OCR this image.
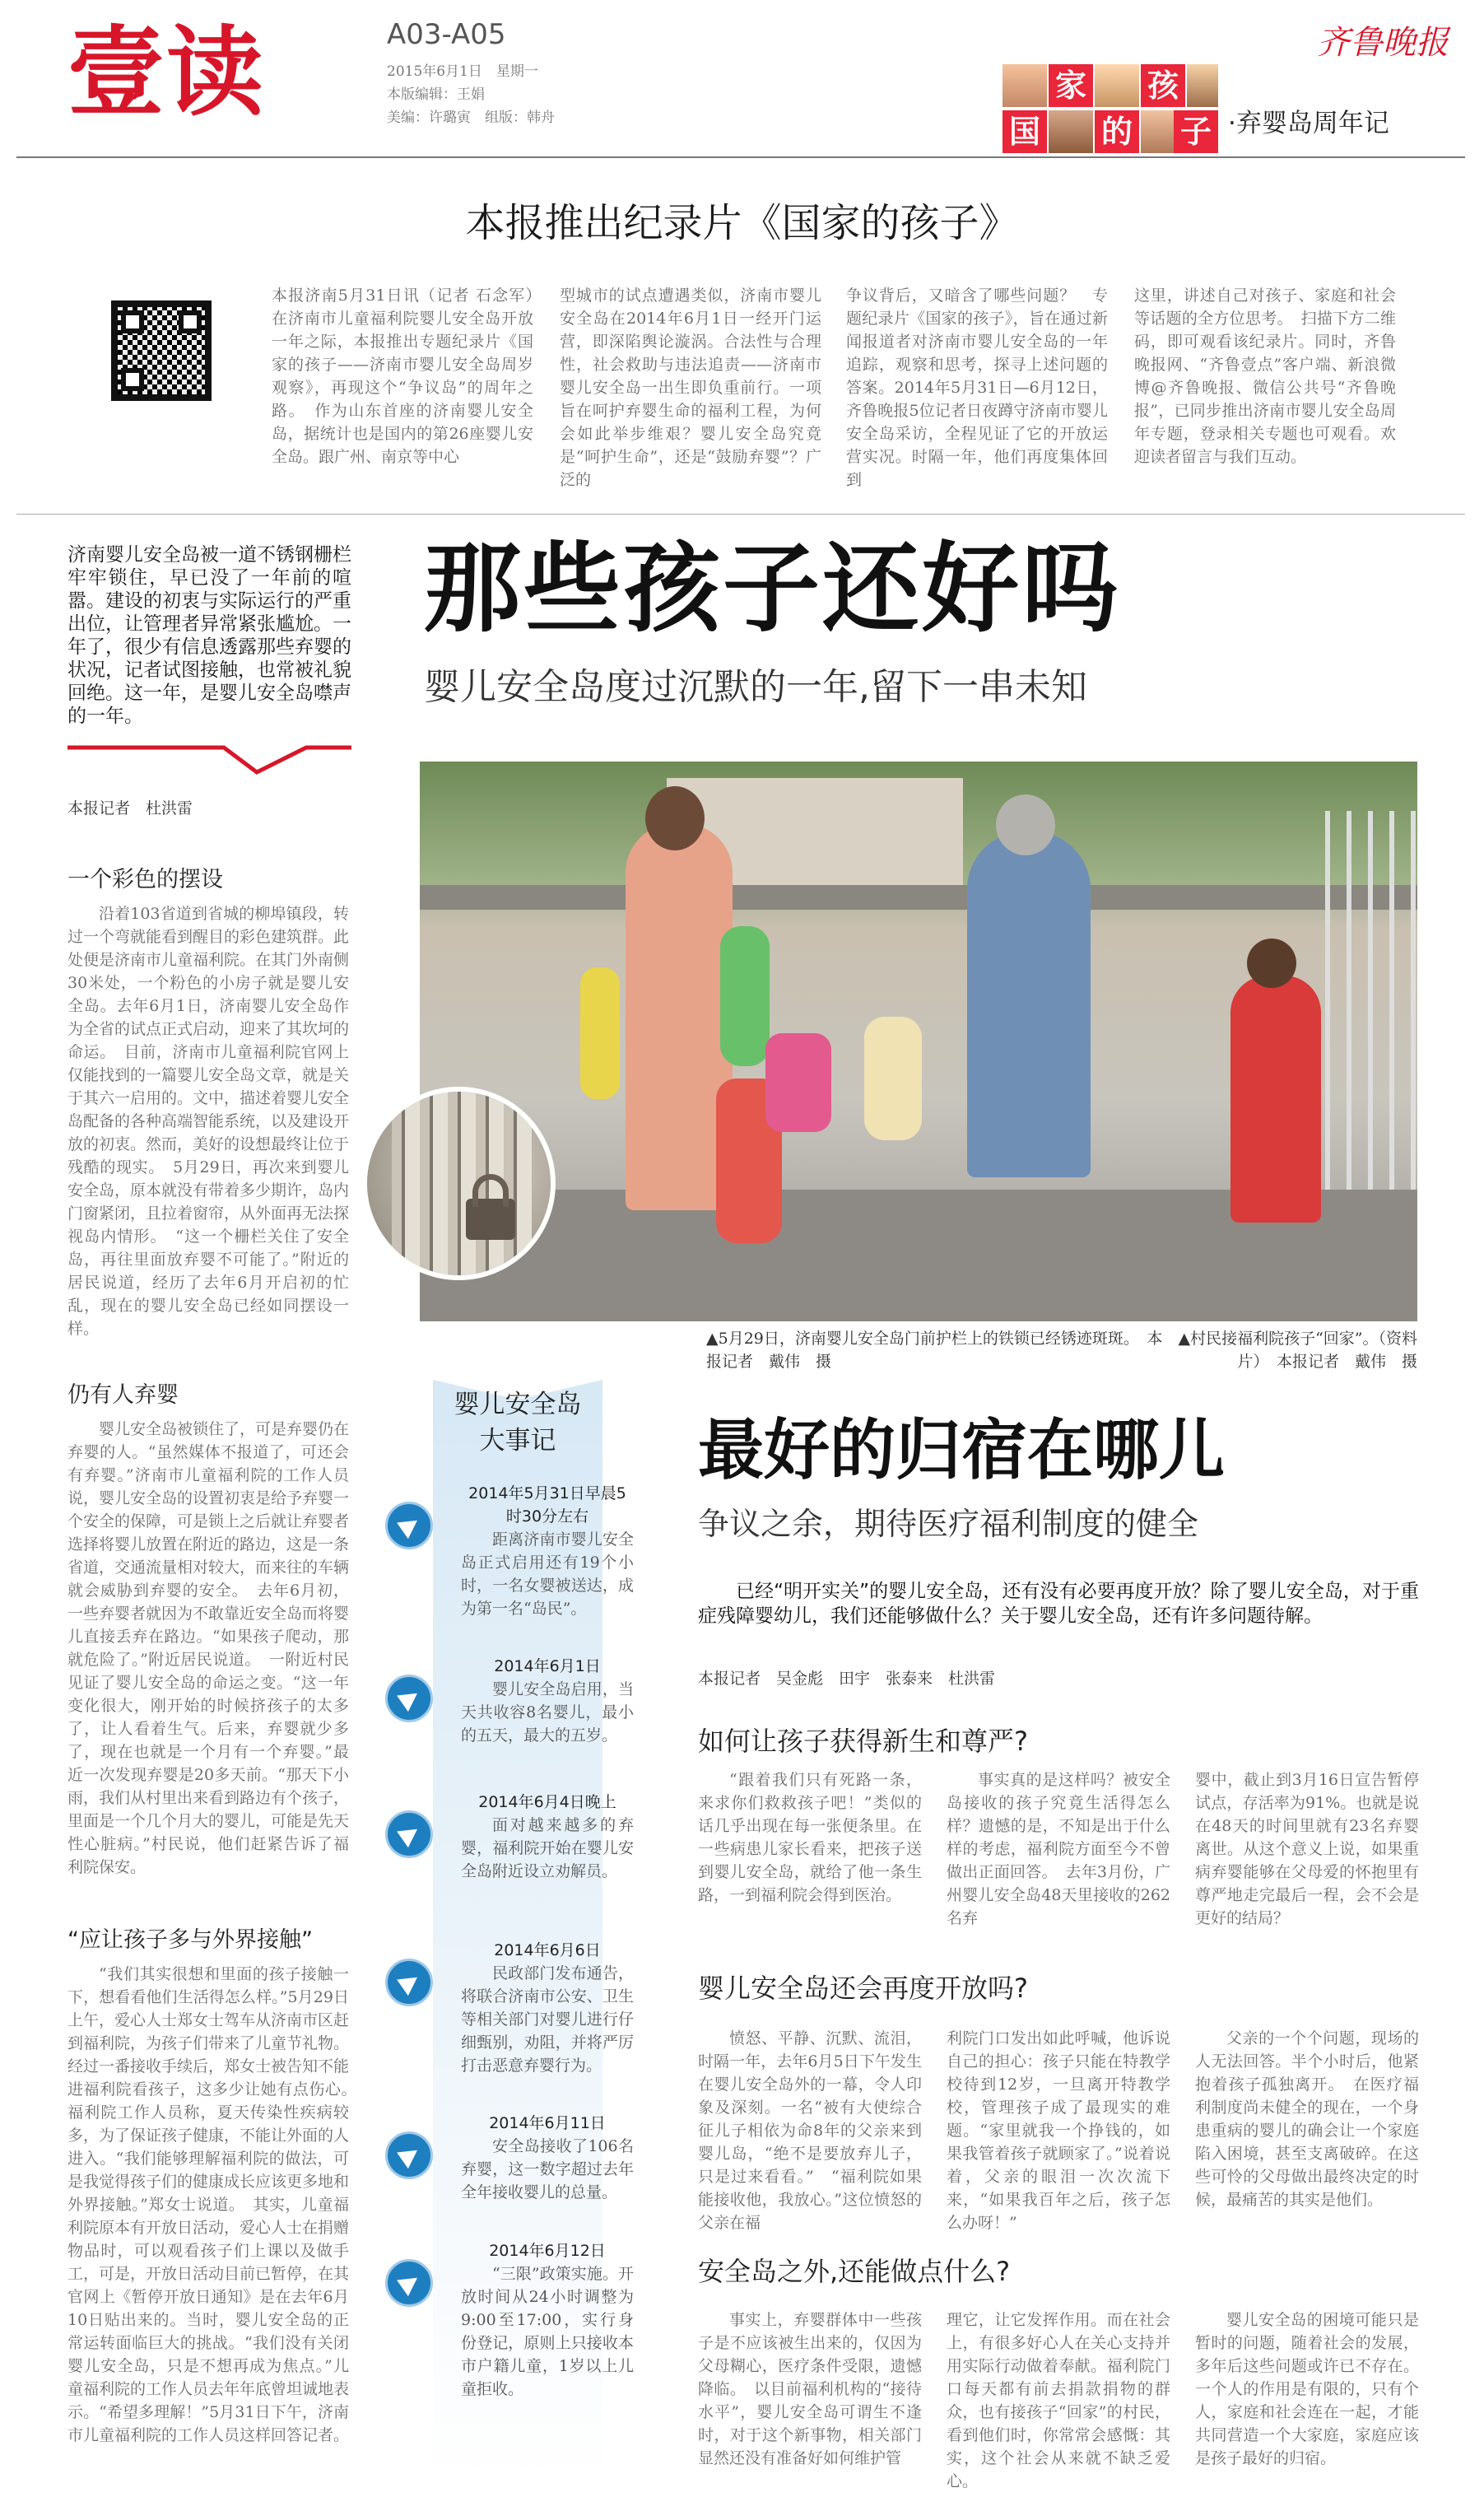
壹读	A03-A05
2015年6月1日　星期一
本版编辑：王娟
美编：许璐寅　组版：韩舟
齐鲁晚报
家 孩
国 的 子 ·弃婴岛周年记
本报推出纪录片《国家的孩子》
本报济南5月31日讯（记者 石念军）　在济南市儿童福利院婴儿安全岛开放一年之际，本报推出专题纪录片《国家的孩子——济南市婴儿安全岛周岁观察》，再现这个“争议岛”的周年之路。　作为山东首座的济南婴儿安全岛，据统计也是国内的第26座婴儿安全岛。跟广州、南京等中心
型城市的试点遭遇类似，济南市婴儿安全岛在2014年6月1日一经开门运营，即深陷舆论漩涡。合法性与合理性，社会救助与违法追责——济南市婴儿安全岛一出生即负重前行。一项旨在呵护弃婴生命的福利工程，为何会如此举步维艰？婴儿安全岛究竟是“呵护生命”，还是“鼓励弃婴”？广泛的
争议背后，又暗含了哪些问题？　专题纪录片《国家的孩子》，旨在通过新闻报道者对济南市婴儿安全岛的一年追踪，观察和思考，探寻上述问题的答案。2014年5月31日—6月12日，齐鲁晚报5位记者日夜蹲守济南市婴儿安全岛采访，全程见证了它的开放运营实况。时隔一年，他们再度集体回到
这里，讲述自己对孩子、家庭和社会等话题的全方位思考。　扫描下方二维码，即可观看该纪录片。同时，齐鲁晚报网、“齐鲁壹点”客户端、新浪微博@齐鲁晚报、微信公共号“齐鲁晚报”，已同步推出济南市婴儿安全岛周年专题，登录相关专题也可观看。欢迎读者留言与我们互动。
济南婴儿安全岛被一道不锈钢栅栏牢牢锁住，早已没了一年前的喧嚣。建设的初衷与实际运行的严重出位，让管理者异常紧张尴尬。一年了，很少有信息透露那些弃婴的状况，记者试图接触，也常被礼貌回绝。这一年，是婴儿安全岛噤声的一年。
那些孩子还好吗
婴儿安全岛度过沉默的一年,留下一串未知
本报记者　杜洪雷
一个彩色的摆设

沿着103省道到省城的柳埠镇段，转过一个弯就能看到醒目的彩色建筑群。此处便是济南市儿童福利院。在其门外南侧30米处，一个粉色的小房子就是婴儿安全岛。去年6月1日，济南婴儿安全岛作为全省的试点正式启动，迎来了其坎坷的命运。　目前，济南市儿童福利院官网上仅能找到的一篇婴儿安全岛文章，就是关于其六一启用的。文中，描述着婴儿安全岛配备的各种高端智能系统，以及建设开放的初衷。然而，美好的设想最终让位于残酷的现实。　5月29日，再次来到婴儿安全岛，原本就没有带着多少期许，岛内门窗紧闭，且拉着窗帘，从外面再无法探视岛内情形。　“这一个栅栏关住了安全岛，再往里面放弃婴不可能了。”附近的居民说道，经历了去年6月开启初的忙乱，现在的婴儿安全岛已经如同摆设一样。

仍有人弃婴

婴儿安全岛被锁住了，可是弃婴仍在弃婴的人。“虽然媒体不报道了，可还会有弃婴。”济南市儿童福利院的工作人员说，婴儿安全岛的设置初衷是给予弃婴一个安全的保障，可是锁上之后就让弃婴者选择将婴儿放置在附近的路边，这是一条省道，交通流量相对较大，而来往的车辆就会威胁到弃婴的安全。　去年6月初，一些弃婴者就因为不敢靠近安全岛而将婴儿直接丢弃在路边。“如果孩子爬动，那就危险了。”附近居民说道。　一附近村民见证了婴儿安全岛的命运之变。“这一年变化很大，刚开始的时候挤孩子的太多了，让人看着生气。后来，弃婴就少多了，现在也就是一个月有一个弃婴。”最近一次发现弃婴是20多天前。“那天下小雨，我们从村里出来看到路边有个孩子，里面是一个几个月大的婴儿，可能是先天性心脏病。”村民说，他们赶紧告诉了福利院保安。

“应让孩子多与外界接触”

“我们其实很想和里面的孩子接触一下，想看看他们生活得怎么样。”5月29日上午，爱心人士郑女士驾车从济南市区赶到福利院，为孩子们带来了儿童节礼物。经过一番接收手续后，郑女士被告知不能进福利院看孩子，这多少让她有点伤心。　福利院工作人员称，夏天传染性疾病较多，为了保证孩子健康，不能让外面的人进入。“我们能够理解福利院的做法，可是我觉得孩子们的健康成长应该更多地和外界接触。”郑女士说道。　其实，儿童福利院原本有开放日活动，爱心人士在捐赠物品时，可以观看孩子们上课以及做手工，可是，开放日活动目前已暂停，在其官网上《暂停开放日通知》是在去年6月10日贴出来的。当时，婴儿安全岛的正常运转面临巨大的挑战。“我们没有关闭婴儿安全岛，只是不想再成为焦点。”儿童福利院的工作人员去年年底曾坦诚地表示。“希望多理解！”5月31日下午，济南市儿童福利院的工作人员这样回答记者。

▲5月29日，济南婴儿安全岛门前护栏上的铁锁已经锈迹斑斑。　本报记者　戴伟　摄
▲村民接福利院孩子“回家”。（资料片）　本报记者　戴伟　摄
婴儿安全岛
大事记
2014年5月31日早晨5时30分左右

距离济南市婴儿安全岛正式启用还有19个小时，一名女婴被送达，成为第一名“岛民”。

2014年6月1日

婴儿安全岛启用，当天共收容8名婴儿，最小的五天，最大的五岁。

2014年6月4日晚上

面对越来越多的弃婴，福利院开始在婴儿安全岛附近设立劝解员。

2014年6月6日

民政部门发布通告，将联合济南市公安、卫生等相关部门对婴儿进行仔细甄别，劝阻，并将严厉打击恶意弃婴行为。

2014年6月11日

安全岛接收了106名弃婴，这一数字超过去年全年接收婴儿的总量。

2014年6月12日

“三限”政策实施。开放时间从24小时调整为9:00至17:00，实行身份登记，原则上只接收本市户籍儿童，1岁以上儿童拒收。

最好的归宿在哪儿
争议之余，期待医疗福利制度的健全
已经“明开实关”的婴儿安全岛，还有没有必要再度开放？除了婴儿安全岛，对于重症残障婴幼儿，我们还能够做什么？关于婴儿安全岛，还有许多问题待解。
本报记者　吴金彪　田宇　张泰来　杜洪雷
如何让孩子获得新生和尊严?

“跟着我们只有死路一条，来求你们救救孩子吧！”类似的话几乎出现在每一张便条里。在一些病患儿家长看来，把孩子送到婴儿安全岛，就给了他一条生路，一到福利院会得到医治。

事实真的是这样吗？被安全岛接收的孩子究竟生活得怎么样？遗憾的是，不知是出于什么样的考虑，福利院方面至今不曾做出正面回答。　去年3月份，广州婴儿安全岛48天里接收的262名弃

婴中，截止到3月16日宣告暂停试点，存活率为91%。也就是说在48天的时间里就有23名弃婴离世。从这个意义上说，如果重病弃婴能够在父母爱的怀抱里有尊严地走完最后一程，会不会是更好的结局？

婴儿安全岛还会再度开放吗?

愤怒、平静、沉默、流泪，时隔一年，去年6月5日下午发生在婴儿安全岛外的一幕，令人印象及深刻。一名“被有大使综合征儿子相依为命8年的父亲来到婴儿岛，“绝不是要放弃儿子，只是过来看看。”　“福利院如果能接收他，我放心。”这位愤怒的父亲在福

利院门口发出如此呼喊，他诉说自己的担心：孩子只能在特教学校待到12岁，一旦离开特教学校，管理孩子成了最现实的难题。“家里就我一个挣钱的，如果我管着孩子就顾家了。”说着说着，父亲的眼泪一次次流下来，“如果我百年之后，孩子怎么办呀！”

父亲的一个个问题，现场的人无法回答。半个小时后，他紧抱着孩子孤独离开。　在医疗福利制度尚未健全的现在，一个身患重病的婴儿的确会让一个家庭陷入困境，甚至支离破碎。在这些可怜的父母做出最终决定的时候，最痛苦的其实是他们。

安全岛之外,还能做点什么?

事实上，弃婴群体中一些孩子是不应该被生出来的，仅因为父母糊心，医疗条件受限，遗憾降临。　以目前福利机构的“接待水平”，婴儿安全岛可谓生不逢时，对于这个新事物，相关部门显然还没有准备好如何维护管

理它，让它发挥作用。而在社会上，有很多好心人在关心支持并用实际行动做着奉献。福利院门口每天都有前去捐款捐物的群众，也有接孩子“回家”的村民，看到他们时，你常常会感慨：其实，这个社会从来就不缺乏爱心。

婴儿安全岛的困境可能只是暂时的问题，随着社会的发展，多年后这些问题或许已不存在。一个人的作用是有限的，只有个人，家庭和社会连在一起，才能共同营造一个大家庭，家庭应该是孩子最好的归宿。
